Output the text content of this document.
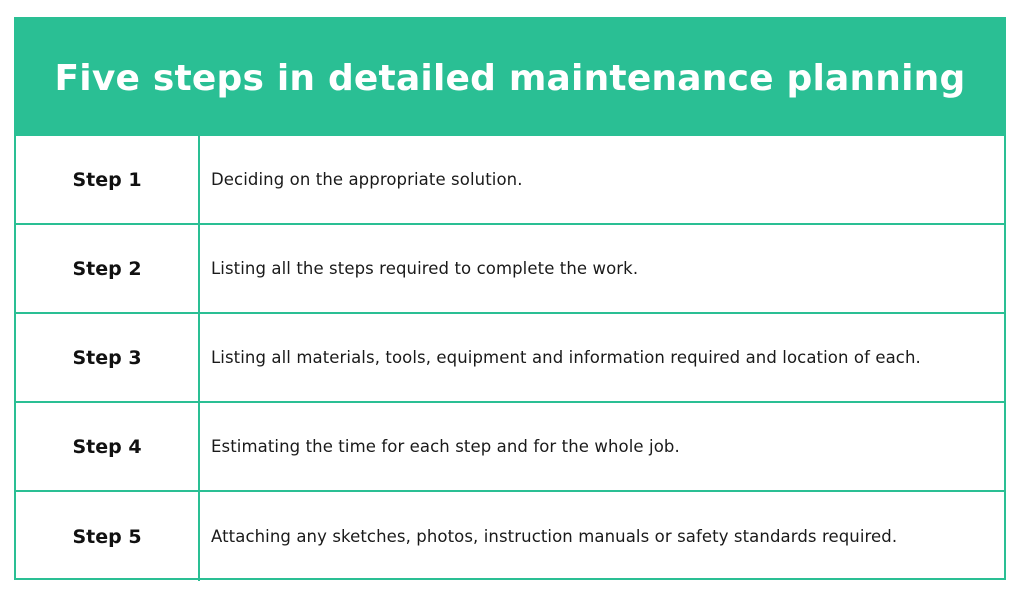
Five steps in detailed maintenance planning
Step 1	Deciding on the appropriate solution.
Step 2	Listing all the steps required to complete the work.
Step 3	Listing all materials, tools, equipment and information required and location of each.
Step 4	Estimating the time for each step and for the whole job.
Step 5	Attaching any sketches, photos, instruction manuals or safety standards required.
